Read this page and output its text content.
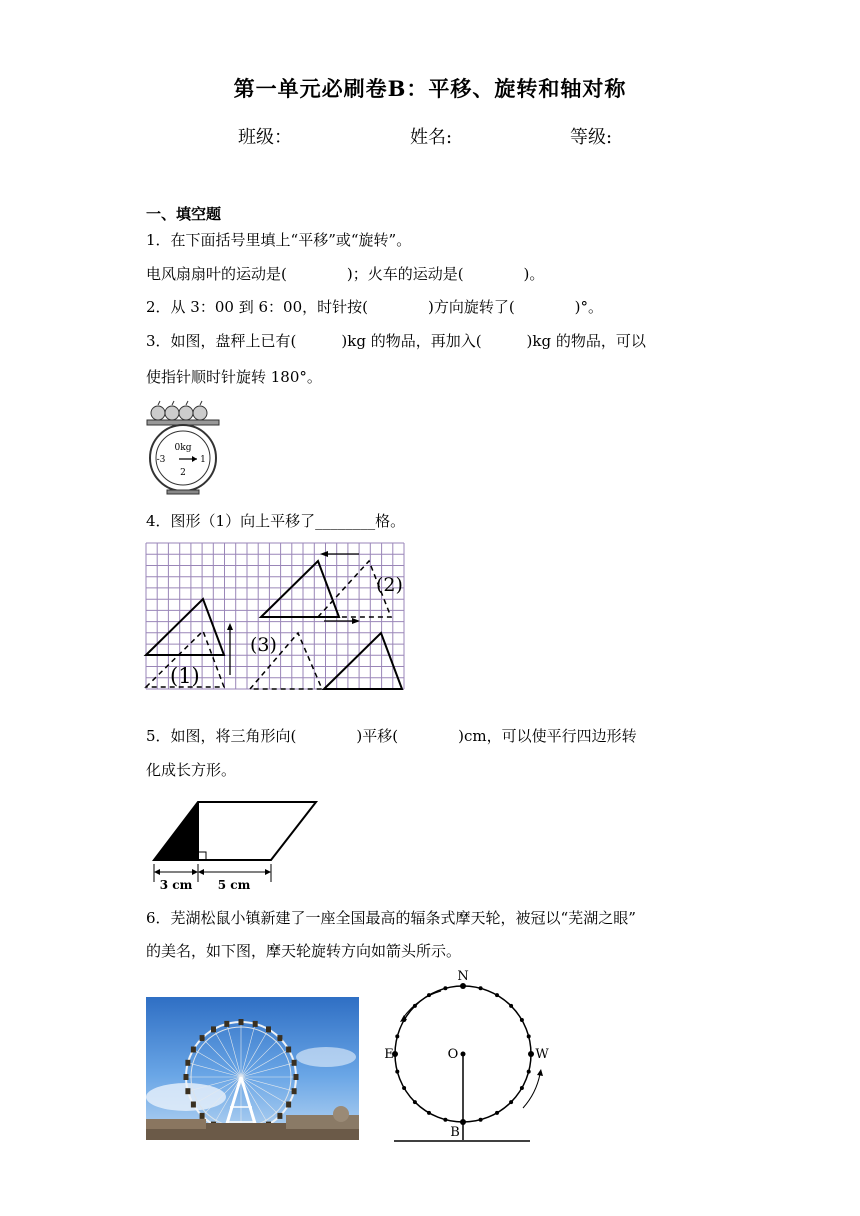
第一单元必刷卷B：平移、旋转和轴对称
班级：	姓名:	等级:
一、填空题
1．在下面括号里填上“平移”或“旋转”。
电风扇扇叶的运动是(　　　　)；火车的运动是(　　　　)。
2．从 3：00 到 6：00，时针按(　　　　)方向旋转了(　　　　)°。
3．如图，盘秤上已有(　　　)kg 的物品，再加入(　　　)kg 的物品，可以
使指针顺时针旋转 180°。
0kg
-3	1
2
4．图形（1）向上平移了________格。
(1)
(2)
(3)
5．如图，将三角形向(　　　　)平移(　　　　)cm，可以使平行四边形转
化成长方形。
3 cm 5 cm
6．芜湖松鼠小镇新建了一座全国最高的辐条式摩天轮，被冠以“芜湖之眼”
的美名，如下图，摩天轮旋转方向如箭头所示。
N
E	W
O
B
